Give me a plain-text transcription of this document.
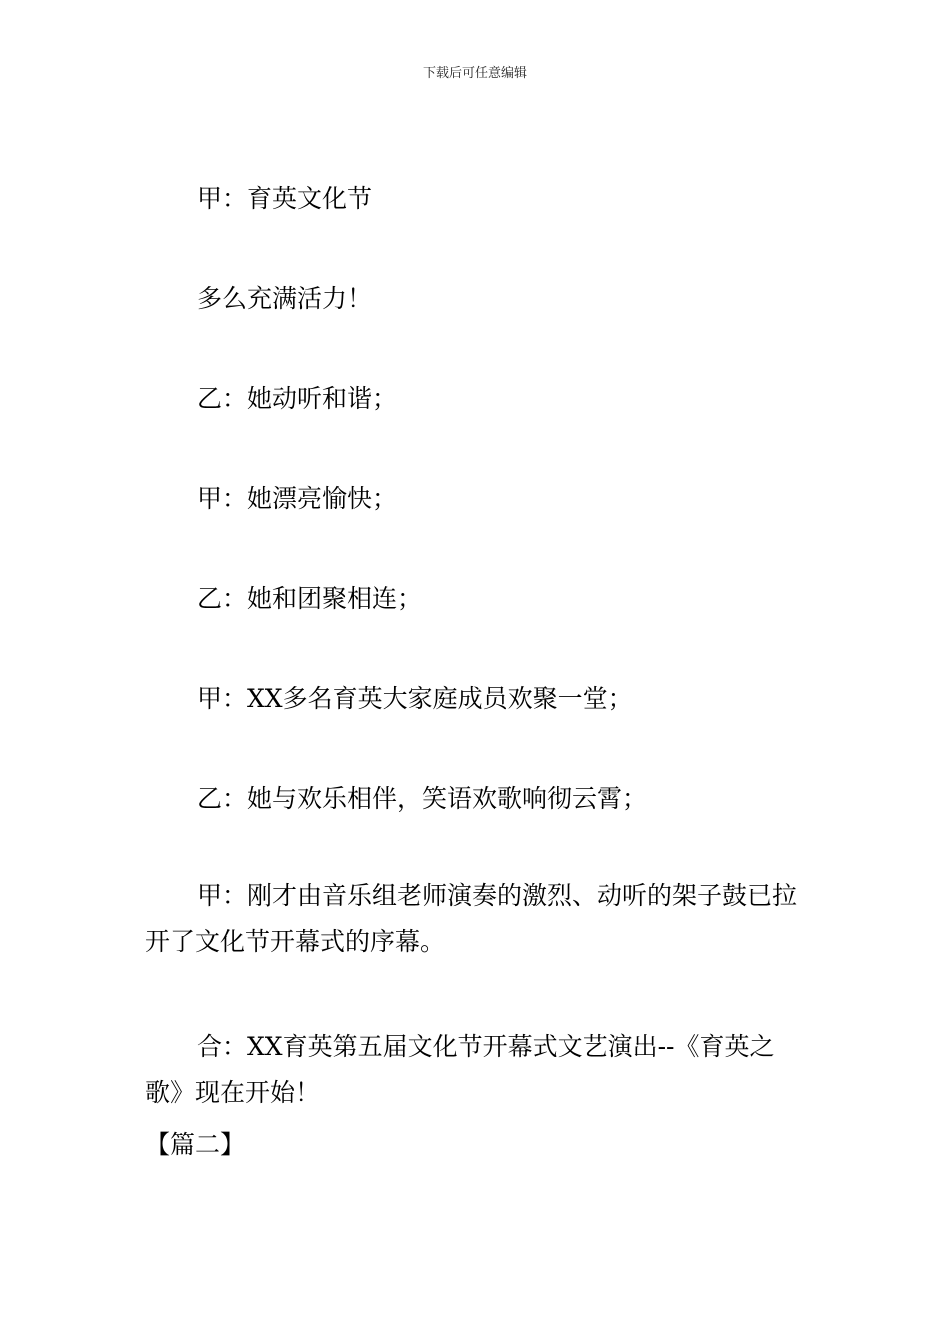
下载后可任意编辑
甲：育英文化节
多么充满活力！
乙：她动听和谐；
甲：她漂亮愉快；
乙：她和团聚相连；
甲：XX多名育英大家庭成员欢聚一堂；
乙：她与欢乐相伴，笑语欢歌响彻云霄；
甲：刚才由音乐组老师演奏的激烈、动听的架子鼓已拉开了文化节开幕式的序幕。
合：XX育英第五届文化节开幕式文艺演出--《育英之歌》现在开始！
【篇二】
